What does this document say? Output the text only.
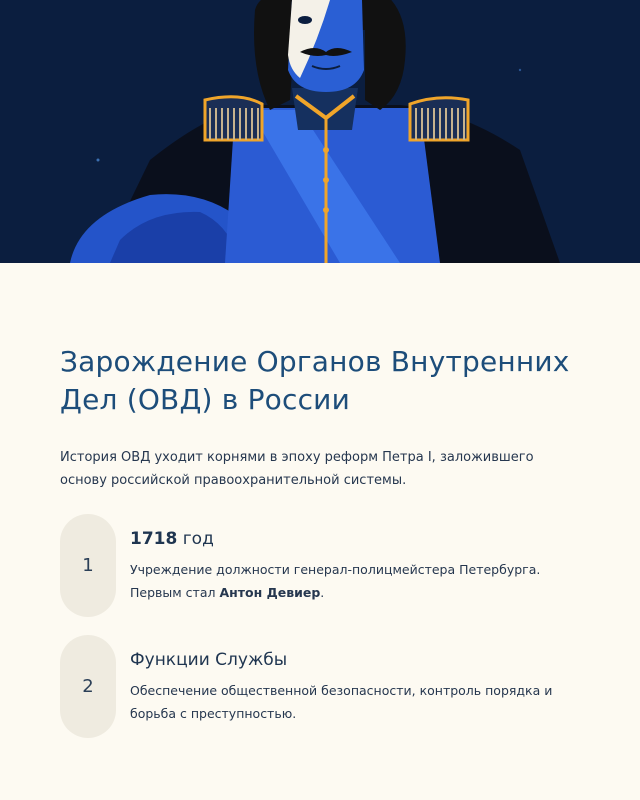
Зарождение Органов Внутренних Дел (ОВД) в России

История ОВД уходит корнями в эпоху реформ Петра I, заложившего основу российской правоохранительной системы.

1
1718 год
Учреждение должности генерал-полицмейстера Петербурга. Первым стал Антон Девиер.
2
Функции Службы
Обеспечение общественной безопасности, контроль порядка и борьба с преступностью.
